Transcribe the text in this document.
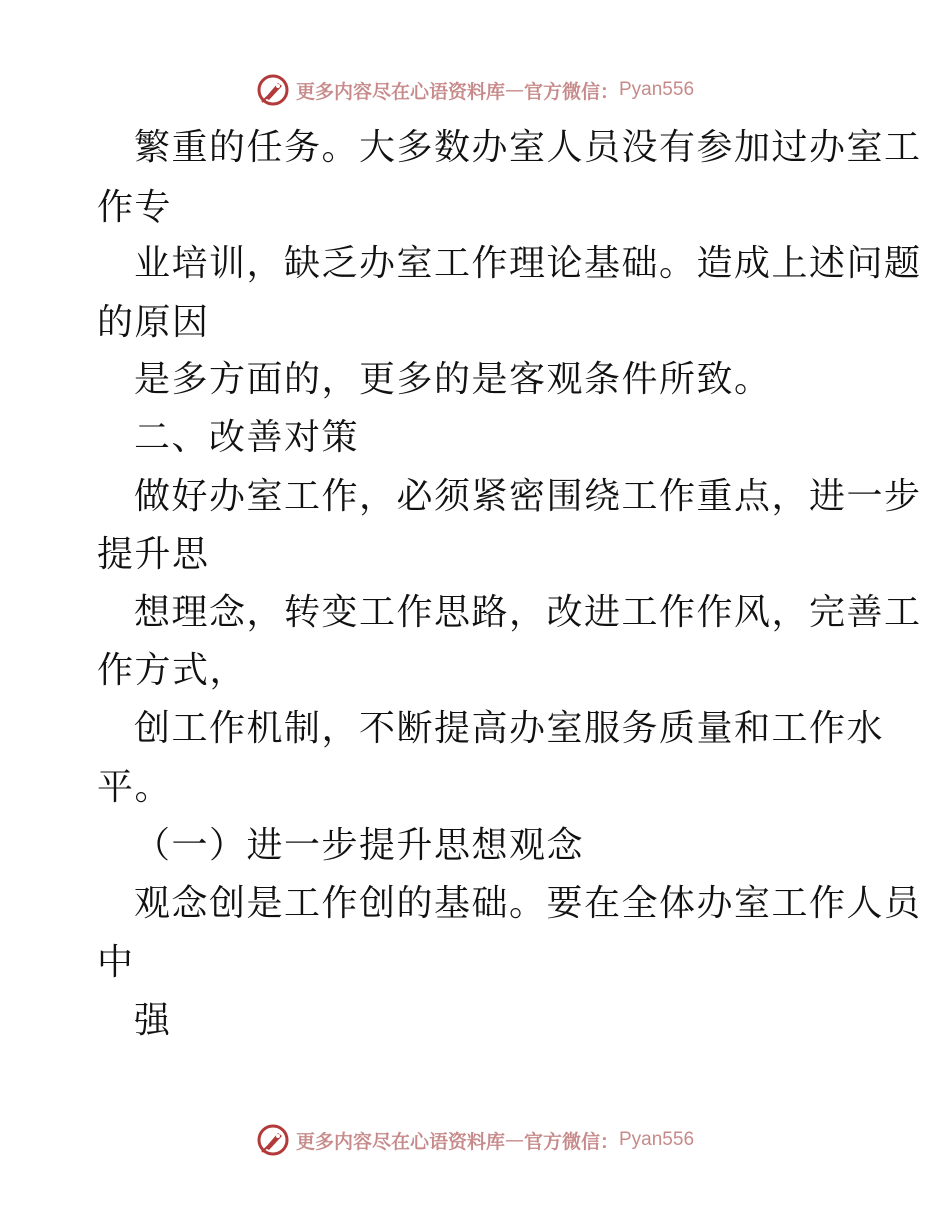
更多内容尽在心语资料库 — 官方微信： Pyan556
繁重的任务。大多数办室人员没有参加过办室工
作专
业培训，缺乏办室工作理论基础。造成上述问题
的原因
是多方面的，更多的是客观条件所致。
二、改善对策
做好办室工作，必须紧密围绕工作重点，进一步
提升思
想理念，转变工作思路，改进工作作风，完善工
作方式，
创工作机制，不断提高办室服务质量和工作水
平。
（一）进一步提升思想观念
观念创是工作创的基础。要在全体办室工作人员
中
强
更多内容尽在心语资料库 — 官方微信： Pyan556
